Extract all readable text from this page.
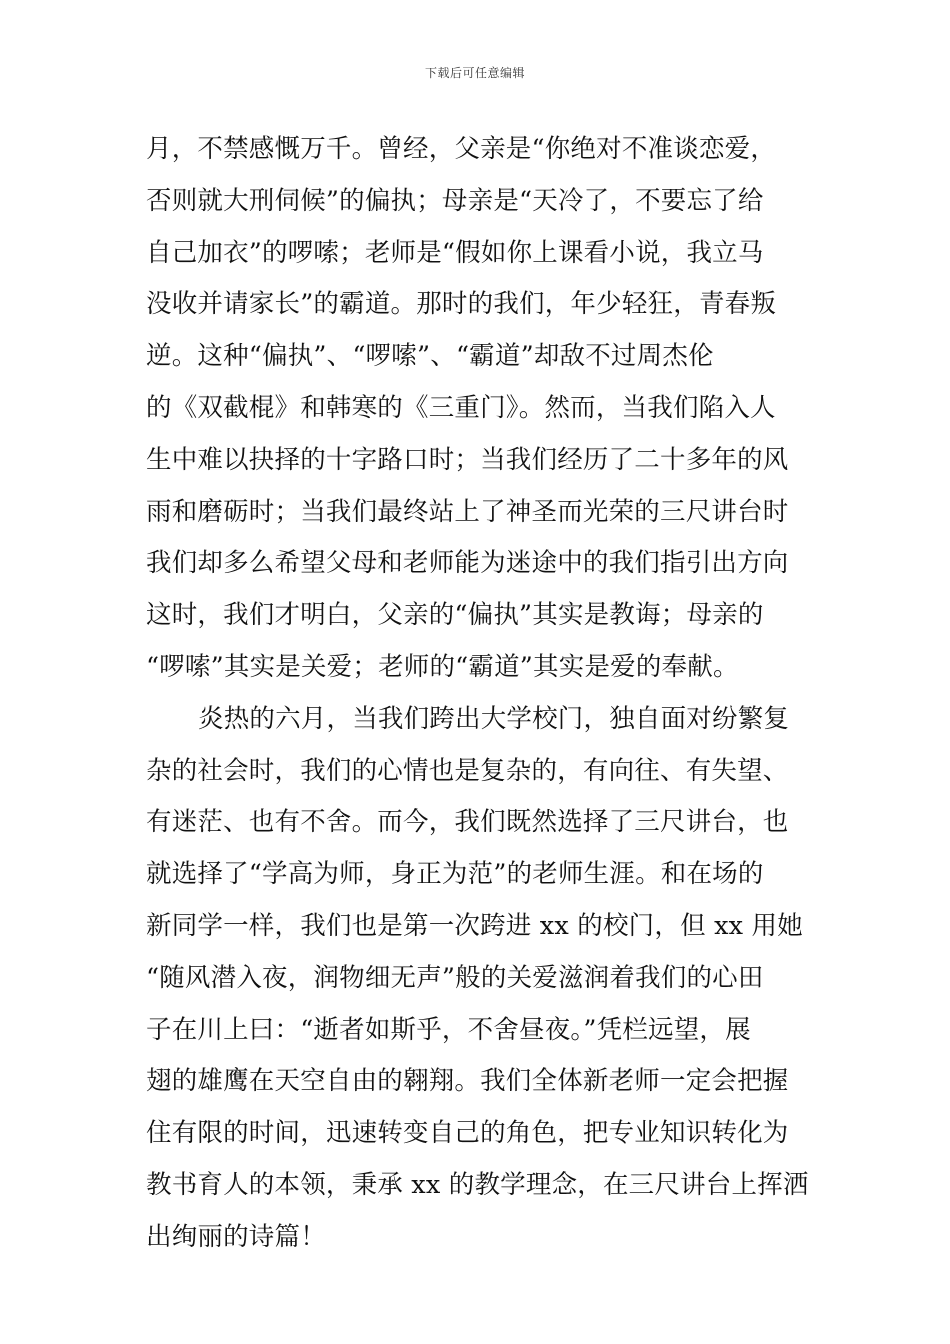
下载后可任意编辑
月，不禁感慨万千。曾经，父亲是“你绝对不准谈恋爱，
否则就大刑伺候”的偏执；母亲是“天冷了，不要忘了给
自己加衣”的啰嗦；老师是“假如你上课看小说，我立马
没收并请家长”的霸道。那时的我们，年少轻狂，青春叛
逆。这种“偏执”、“啰嗦”、“霸道”却敌不过周杰伦
的《双截棍》和韩寒的《三重门》。然而，当我们陷入人
生中难以抉择的十字路口时；当我们经历了二十多年的风
雨和磨砺时；当我们最终站上了神圣而光荣的三尺讲台时
我们却多么希望父母和老师能为迷途中的我们指引出方向
这时，我们才明白，父亲的“偏执”其实是教诲；母亲的
“啰嗦”其实是关爱；老师的“霸道”其实是爱的奉献。
炎热的六月，当我们跨出大学校门，独自面对纷繁复
杂的社会时，我们的心情也是复杂的，有向往、有失望、
有迷茫、也有不舍。而今，我们既然选择了三尺讲台，也
就选择了“学高为师，身正为范”的老师生涯。和在场的
新同学一样，我们也是第一次跨进 xx 的校门，但 xx 用她
“随风潜入夜，润物细无声”般的关爱滋润着我们的心田
子在川上曰：“逝者如斯乎，不舍昼夜。”凭栏远望，展
翅的雄鹰在天空自由的翱翔。我们全体新老师一定会把握
住有限的时间，迅速转变自己的角色，把专业知识转化为
教书育人的本领，秉承 xx 的教学理念，在三尺讲台上挥洒
出绚丽的诗篇！
